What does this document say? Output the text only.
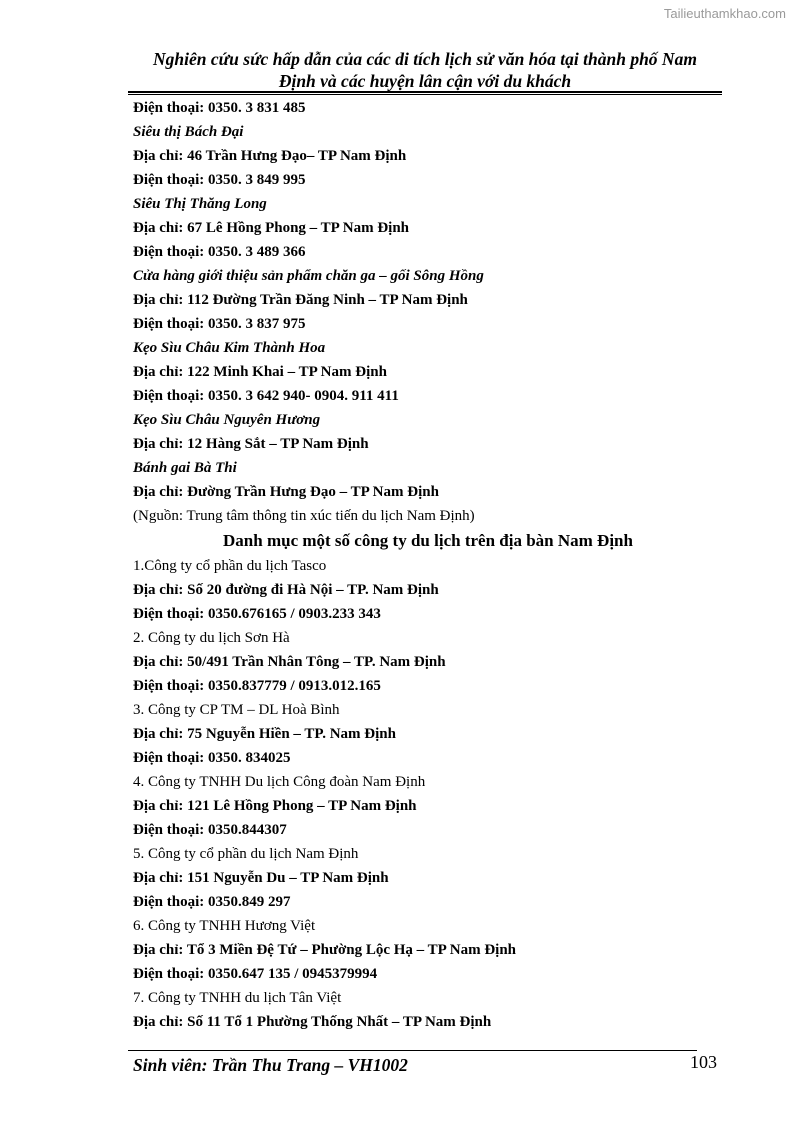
Tailieuthamkhao.com
Nghiên cứu sức hấp dẫn của các di tích lịch sử văn hóa tại thành phố Nam
Định và các huyện lân cận với du khách
Điện thoại: 0350. 3 831 485
Siêu thị Bách Đại
Địa chỉ: 46 Trần Hưng Đạo– TP Nam Định
Điện thoại: 0350. 3 849 995
Siêu Thị Thăng Long
Địa chỉ: 67 Lê Hồng Phong – TP Nam Định
Điện thoại: 0350. 3 489 366
Cửa hàng giới thiệu sản phẩm chăn ga – gối Sông Hồng
Địa chỉ: 112 Đường Trần Đăng Ninh – TP Nam Định
Điện thoại: 0350. 3 837 975
Kẹo Sìu Châu Kim Thành Hoa
Địa chỉ: 122 Minh Khai – TP Nam Định
Điện thoại: 0350. 3 642 940- 0904. 911 411
Kẹo Sìu Châu Nguyên Hương
Địa chỉ: 12 Hàng Sắt – TP Nam Định
Bánh gai Bà Thi
Địa chỉ: Đường Trần Hưng Đạo – TP Nam Định
(Nguồn: Trung tâm thông tin xúc tiến du lịch Nam Định)
Danh mục một số công ty du lịch trên địa bàn Nam Định
1.Công ty cổ phần du lịch Tasco
Địa chỉ: Số 20 đường đi Hà Nội – TP. Nam Định
Điện thoại: 0350.676165 / 0903.233 343
2. Công ty du lịch Sơn Hà
Địa chỉ: 50/491 Trần Nhân Tông – TP. Nam Định
Điện thoại: 0350.837779 / 0913.012.165
3. Công ty CP TM – DL Hoà Bình
Địa chỉ: 75 Nguyễn Hiền – TP. Nam Định
Điện thoại: 0350. 834025
4. Công ty TNHH Du lịch Công đoàn Nam Định
Địa chỉ: 121 Lê Hồng Phong – TP Nam Định
Điện thoại: 0350.844307
5. Công ty cổ phần du lịch Nam Định
Địa chỉ: 151 Nguyễn Du – TP Nam Định
Điện thoại: 0350.849 297
6. Công ty TNHH Hương Việt
Địa chỉ: Tổ 3 Miền Đệ Tứ – Phường Lộc Hạ – TP Nam Định
Điện thoại: 0350.647 135 / 0945379994
7. Công ty TNHH du lịch Tân Việt
Địa chỉ: Số 11 Tổ 1 Phường Thống Nhất – TP Nam Định
Sinh viên: Trần Thu Trang – VH1002	103
